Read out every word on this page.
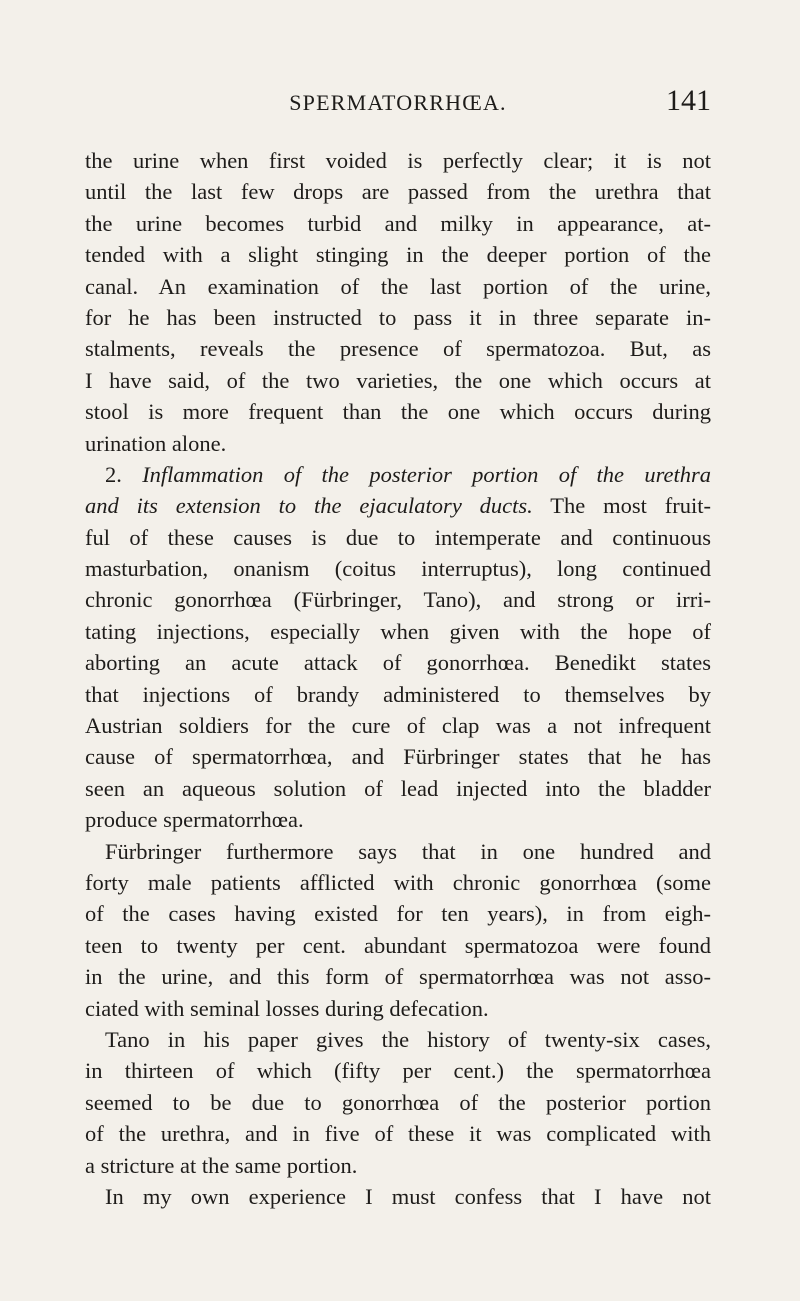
SPERMATORRHŒA.	141
the urine when first voided is perfectly clear; it is not
until the last few drops are passed from the urethra that
the urine becomes turbid and milky in appearance, at-
tended with a slight stinging in the deeper portion of the
canal. An examination of the last portion of the urine,
for he has been instructed to pass it in three separate in-
stalments, reveals the presence of spermatozoa. But, as
I have said, of the two varieties, the one which occurs at
stool is more frequent than the one which occurs during
urination alone.
2. Inflammation of the posterior portion of the urethra
and its extension to the ejaculatory ducts. The most fruit-
ful of these causes is due to intemperate and continuous
masturbation, onanism (coitus interruptus), long continued
chronic gonorrhœa (Fürbringer, Tano), and strong or irri-
tating injections, especially when given with the hope of
aborting an acute attack of gonorrhœa. Benedikt states
that injections of brandy administered to themselves by
Austrian soldiers for the cure of clap was a not infrequent
cause of spermatorrhœa, and Fürbringer states that he has
seen an aqueous solution of lead injected into the bladder
produce spermatorrhœa.
Fürbringer furthermore says that in one hundred and
forty male patients afflicted with chronic gonorrhœa (some
of the cases having existed for ten years), in from eigh-
teen to twenty per cent. abundant spermatozoa were found
in the urine, and this form of spermatorrhœa was not asso-
ciated with seminal losses during defecation.
Tano in his paper gives the history of twenty-six cases,
in thirteen of which (fifty per cent.) the spermatorrhœa
seemed to be due to gonorrhœa of the posterior portion
of the urethra, and in five of these it was complicated with
a stricture at the same portion.
In my own experience I must confess that I have not
